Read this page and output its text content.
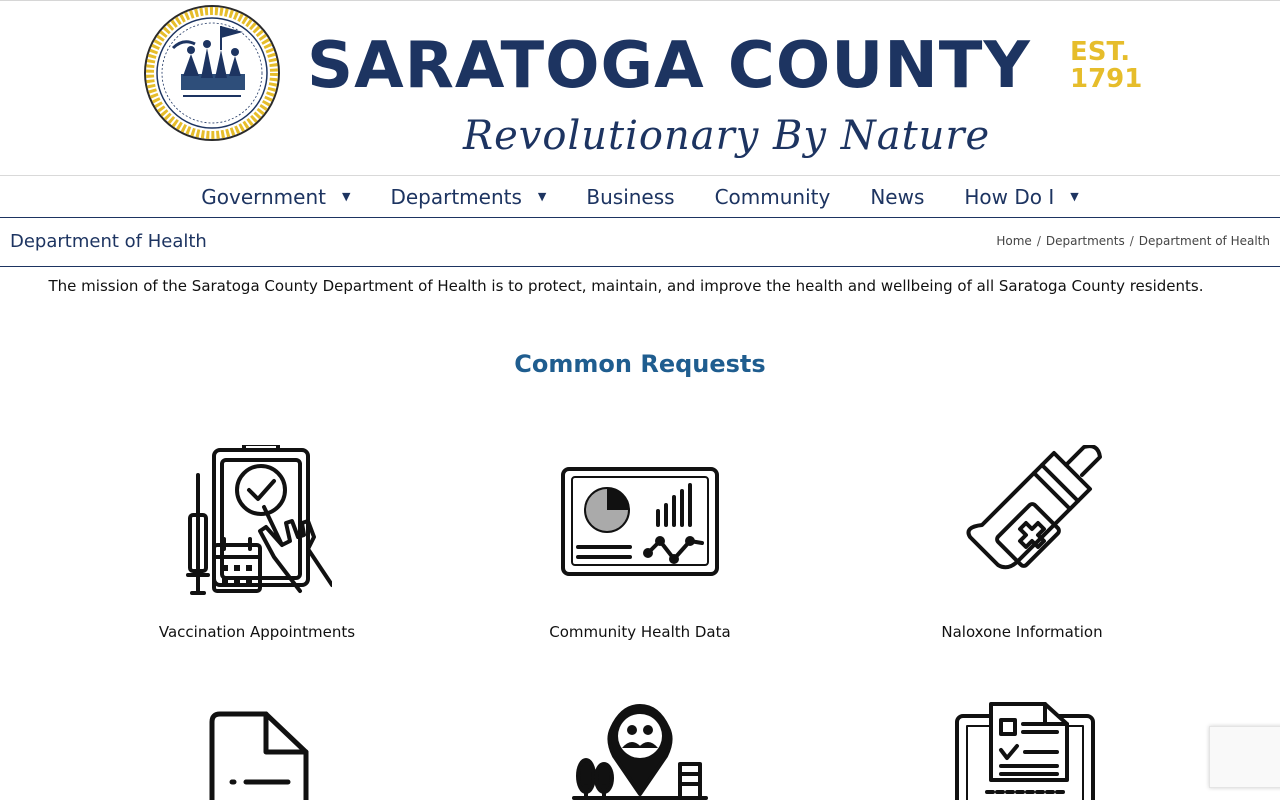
SARATOGA COUNTY EST.
1791
Revolutionary By Nature
Government ▼ Departments ▼ Business Community News How Do I ▼
Department of Health	Home / Departments / Department of Health
The mission of the Saratoga County Department of Health is to protect, maintain, and improve the health and wellbeing of all Saratoga County residents.
Common Requests
Vaccination Appointments	Community Health Data	Naloxone Information
